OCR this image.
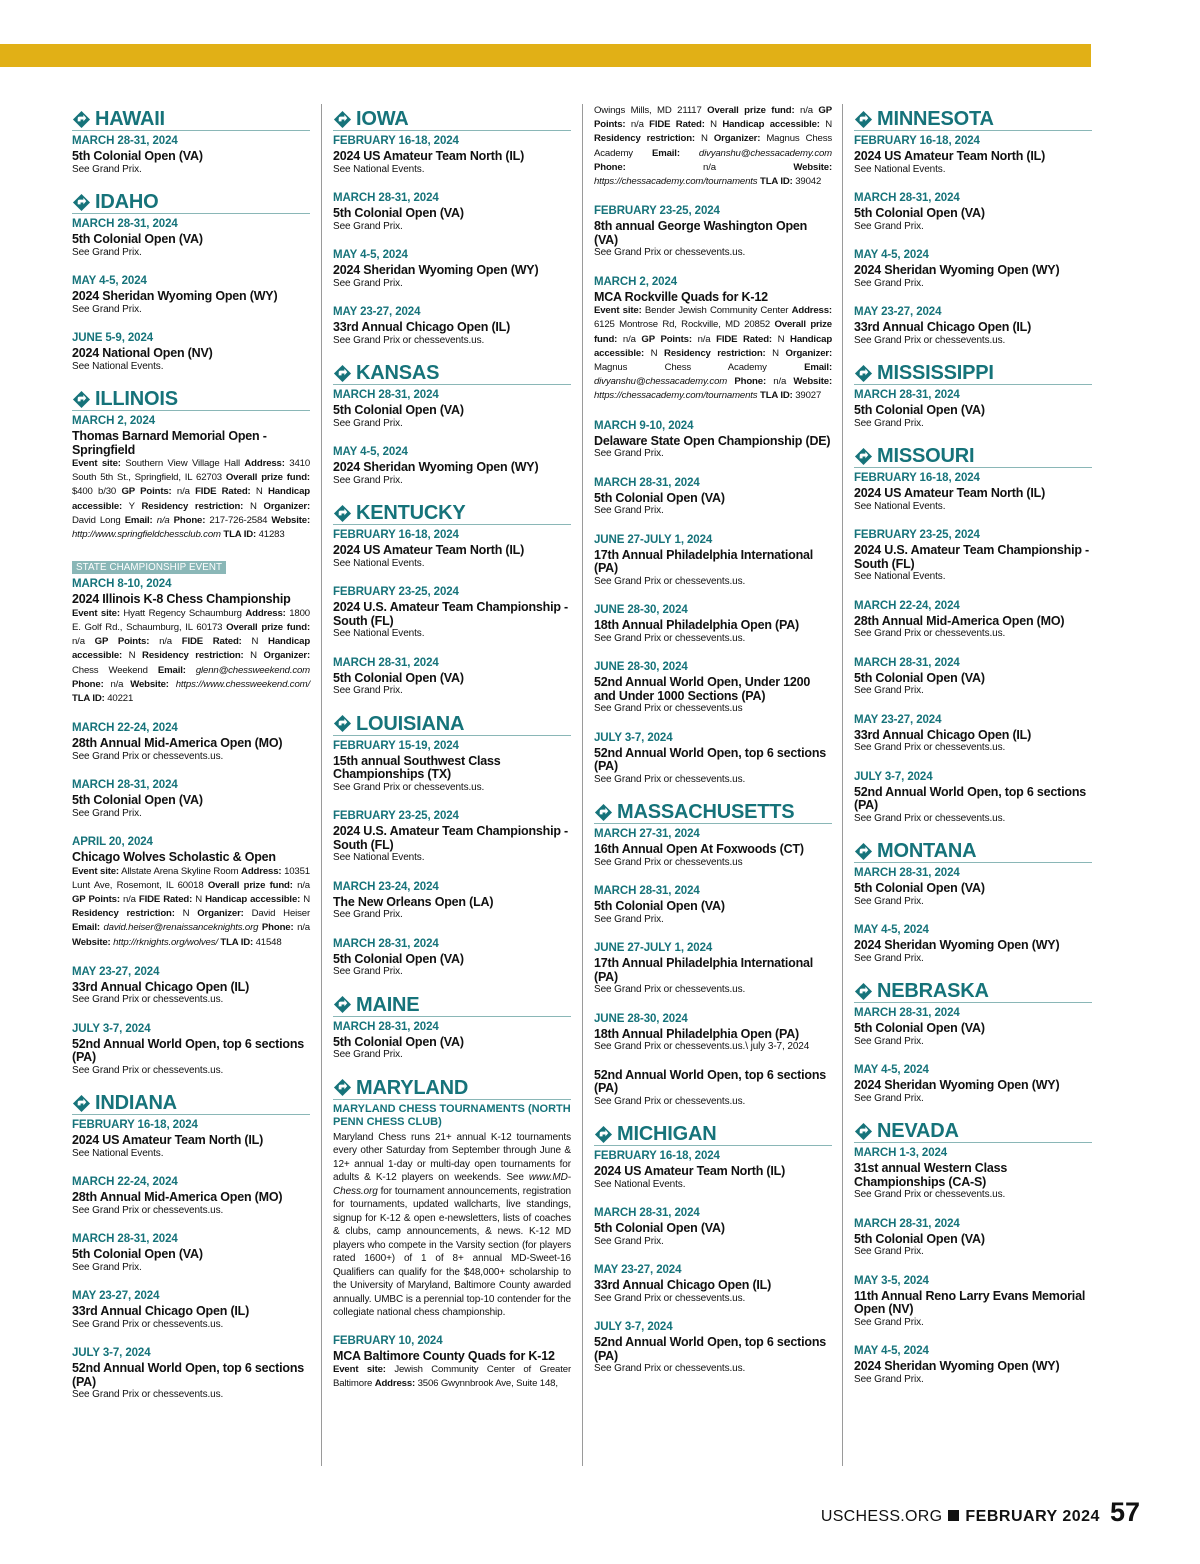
HAWAII
MARCH 28-31, 2024
5th Colonial Open (VA)
See Grand Prix.
IDAHO
MARCH 28-31, 2024
5th Colonial Open (VA)
See Grand Prix.
MAY 4-5, 2024
2024 Sheridan Wyoming Open (WY)
See Grand Prix.
JUNE 5-9, 2024
2024 National Open (NV)
See National Events.
ILLINOIS
MARCH 2, 2024
Thomas Barnard Memorial Open - Springfield
Event site: Southern View Village Hall Address: 3410 South 5th St., Springfield, IL 62703 Overall prize fund: $400 b/30 GP Points: n/a FIDE Rated: N Handicap accessible: Y Residency restriction: N Organizer: David Long Email: n/a Phone: 217-726-2584 Website: http://www.springfieldchessclub.com TLA ID: 41283
STATE CHAMPIONSHIP EVENT
MARCH 8-10, 2024
2024 Illinois K-8 Chess Championship
Event site: Hyatt Regency Schaumburg Address: 1800 E. Golf Rd., Schaumburg, IL 60173 Overall prize fund: n/a GP Points: n/a FIDE Rated: N Handicap accessible: N Residency restriction: N Organizer: Chess Weekend Email: glenn@chessweekend.com Phone: n/a Website: https://www.chessweekend.com/ TLA ID: 40221
MARCH 22-24, 2024
28th Annual Mid-America Open (MO)
See Grand Prix or chessevents.us.
MARCH 28-31, 2024
5th Colonial Open (VA)
See Grand Prix.
APRIL 20, 2024
Chicago Wolves Scholastic & Open
Event site: Allstate Arena Skyline Room Address: 10351 Lunt Ave, Rosemont, IL 60018 Overall prize fund: n/a GP Points: n/a FIDE Rated: N Handicap accessible: N Residency restriction: N Organizer: David Heiser Email: david.heiser@renaissanceknights.org Phone: n/a Website: http://rknights.org/wolves/ TLA ID: 41548
MAY 23-27, 2024
33rd Annual Chicago Open (IL)
See Grand Prix or chessevents.us.
JULY 3-7, 2024
52nd Annual World Open, top 6 sections (PA)
See Grand Prix or chessevents.us.
INDIANA
FEBRUARY 16-18, 2024
2024 US Amateur Team North (IL)
See National Events.
MARCH 22-24, 2024
28th Annual Mid-America Open (MO)
See Grand Prix or chessevents.us.
MARCH 28-31, 2024
5th Colonial Open (VA)
See Grand Prix.
MAY 23-27, 2024
33rd Annual Chicago Open (IL)
See Grand Prix or chessevents.us.
JULY 3-7, 2024
52nd Annual World Open, top 6 sections (PA)
See Grand Prix or chessevents.us.
IOWA
FEBRUARY 16-18, 2024
2024 US Amateur Team North (IL)
See National Events.
MARCH 28-31, 2024
5th Colonial Open (VA)
See Grand Prix.
MAY 4-5, 2024
2024 Sheridan Wyoming Open (WY)
See Grand Prix.
MAY 23-27, 2024
33rd Annual Chicago Open (IL)
See Grand Prix or chessevents.us.
KANSAS
MARCH 28-31, 2024
5th Colonial Open (VA)
See Grand Prix.
MAY 4-5, 2024
2024 Sheridan Wyoming Open (WY)
See Grand Prix.
KENTUCKY
FEBRUARY 16-18, 2024
2024 US Amateur Team North (IL)
See National Events.
FEBRUARY 23-25, 2024
2024 U.S. Amateur Team Championship - South (FL)
See National Events.
MARCH 28-31, 2024
5th Colonial Open (VA)
See Grand Prix.
LOUISIANA
FEBRUARY 15-19, 2024
15th annual Southwest Class Championships (TX)
See Grand Prix or chessevents.us.
FEBRUARY 23-25, 2024
2024 U.S. Amateur Team Championship - South (FL)
See National Events.
MARCH 23-24, 2024
The New Orleans Open (LA)
See Grand Prix.
MARCH 28-31, 2024
5th Colonial Open (VA)
See Grand Prix.
MAINE
MARCH 28-31, 2024
5th Colonial Open (VA)
See Grand Prix.
MARYLAND
MARYLAND CHESS TOURNAMENTS (NORTH PENN CHESS CLUB)
Maryland Chess runs 21+ annual K-12 tournaments every other Saturday from September through June & 12+ annual 1-day or multi-day open tournaments for adults & K-12 players on weekends. See www.MD-Chess.org for tournament announcements, registration for tournaments, updated wallcharts, live standings, signup for K-12 & open e-newsletters, lists of coaches & clubs, camp announcements, & news. K-12 MD players who compete in the Varsity section (for players rated 1600+) of 1 of 8+ annual MD-Sweet-16 Qualifiers can qualify for the $48,000+ scholarship to the University of Maryland, Baltimore County awarded annually. UMBC is a perennial top-10 contender for the collegiate national chess championship.
FEBRUARY 10, 2024
MCA Baltimore County Quads for K-12
Event site: Jewish Community Center of Greater Baltimore Address: 3506 Gwynnbrook Ave, Suite 148,
Owings Mills, MD 21117 Overall prize fund: n/a GP Points: n/a FIDE Rated: N Handicap accessible: N Residency restriction: N Organizer: Magnus Chess Academy Email: divyanshu@chessacademy.com Phone: n/a Website: https://chessacademy.com/tournaments TLA ID: 39042
FEBRUARY 23-25, 2024
8th annual George Washington Open (VA)
See Grand Prix or chessevents.us.
MARCH 2, 2024
MCA Rockville Quads for K-12
Event site: Bender Jewish Community Center Address: 6125 Montrose Rd, Rockville, MD 20852 Overall prize fund: n/a GP Points: n/a FIDE Rated: N Handicap accessible: N Residency restriction: N Organizer: Magnus Chess Academy Email: divyanshu@chessacademy.com Phone: n/a Website: https://chessacademy.com/tournaments TLA ID: 39027
MARCH 9-10, 2024
Delaware State Open Championship (DE)
See Grand Prix.
MARCH 28-31, 2024
5th Colonial Open (VA)
See Grand Prix.
JUNE 27-JULY 1, 2024
17th Annual Philadelphia International (PA)
See Grand Prix or chessevents.us.
JUNE 28-30, 2024
18th Annual Philadelphia Open (PA)
See Grand Prix or chessevents.us.
JUNE 28-30, 2024
52nd Annual World Open, Under 1200 and Under 1000 Sections (PA)
See Grand Prix or chessevents.us
JULY 3-7, 2024
52nd Annual World Open, top 6 sections (PA)
See Grand Prix or chessevents.us.
MASSACHUSETTS
MARCH 27-31, 2024
16th Annual Open At Foxwoods (CT)
See Grand Prix or chessevents.us
MARCH 28-31, 2024
5th Colonial Open (VA)
See Grand Prix.
JUNE 27-JULY 1, 2024
17th Annual Philadelphia International (PA)
See Grand Prix or chessevents.us.
JUNE 28-30, 2024
18th Annual Philadelphia Open (PA)
See Grand Prix or chessevents.us.\ july 3-7, 2024
52nd Annual World Open, top 6 sections (PA)
See Grand Prix or chessevents.us.
MICHIGAN
FEBRUARY 16-18, 2024
2024 US Amateur Team North (IL)
See National Events.
MARCH 28-31, 2024
5th Colonial Open (VA)
See Grand Prix.
MAY 23-27, 2024
33rd Annual Chicago Open (IL)
See Grand Prix or chessevents.us.
JULY 3-7, 2024
52nd Annual World Open, top 6 sections (PA)
See Grand Prix or chessevents.us.
MINNESOTA
FEBRUARY 16-18, 2024
2024 US Amateur Team North (IL)
See National Events.
MARCH 28-31, 2024
5th Colonial Open (VA)
See Grand Prix.
MAY 4-5, 2024
2024 Sheridan Wyoming Open (WY)
See Grand Prix.
MAY 23-27, 2024
33rd Annual Chicago Open (IL)
See Grand Prix or chessevents.us.
MISSISSIPPI
MARCH 28-31, 2024
5th Colonial Open (VA)
See Grand Prix.
MISSOURI
FEBRUARY 16-18, 2024
2024 US Amateur Team North (IL)
See National Events.
FEBRUARY 23-25, 2024
2024 U.S. Amateur Team Championship - South (FL)
See National Events.
MARCH 22-24, 2024
28th Annual Mid-America Open (MO)
See Grand Prix or chessevents.us.
MARCH 28-31, 2024
5th Colonial Open (VA)
See Grand Prix.
MAY 23-27, 2024
33rd Annual Chicago Open (IL)
See Grand Prix or chessevents.us.
JULY 3-7, 2024
52nd Annual World Open, top 6 sections (PA)
See Grand Prix or chessevents.us.
MONTANA
MARCH 28-31, 2024
5th Colonial Open (VA)
See Grand Prix.
MAY 4-5, 2024
2024 Sheridan Wyoming Open (WY)
See Grand Prix.
NEBRASKA
MARCH 28-31, 2024
5th Colonial Open (VA)
See Grand Prix.
MAY 4-5, 2024
2024 Sheridan Wyoming Open (WY)
See Grand Prix.
NEVADA
MARCH 1-3, 2024
31st annual Western Class Championships (CA-S)
See Grand Prix or chessevents.us.
MARCH 28-31, 2024
5th Colonial Open (VA)
See Grand Prix.
MAY 3-5, 2024
11th Annual Reno Larry Evans Memorial Open (NV)
See Grand Prix.
MAY 4-5, 2024
2024 Sheridan Wyoming Open (WY)
See Grand Prix.
USCHESS.ORG FEBRUARY 2024 57
